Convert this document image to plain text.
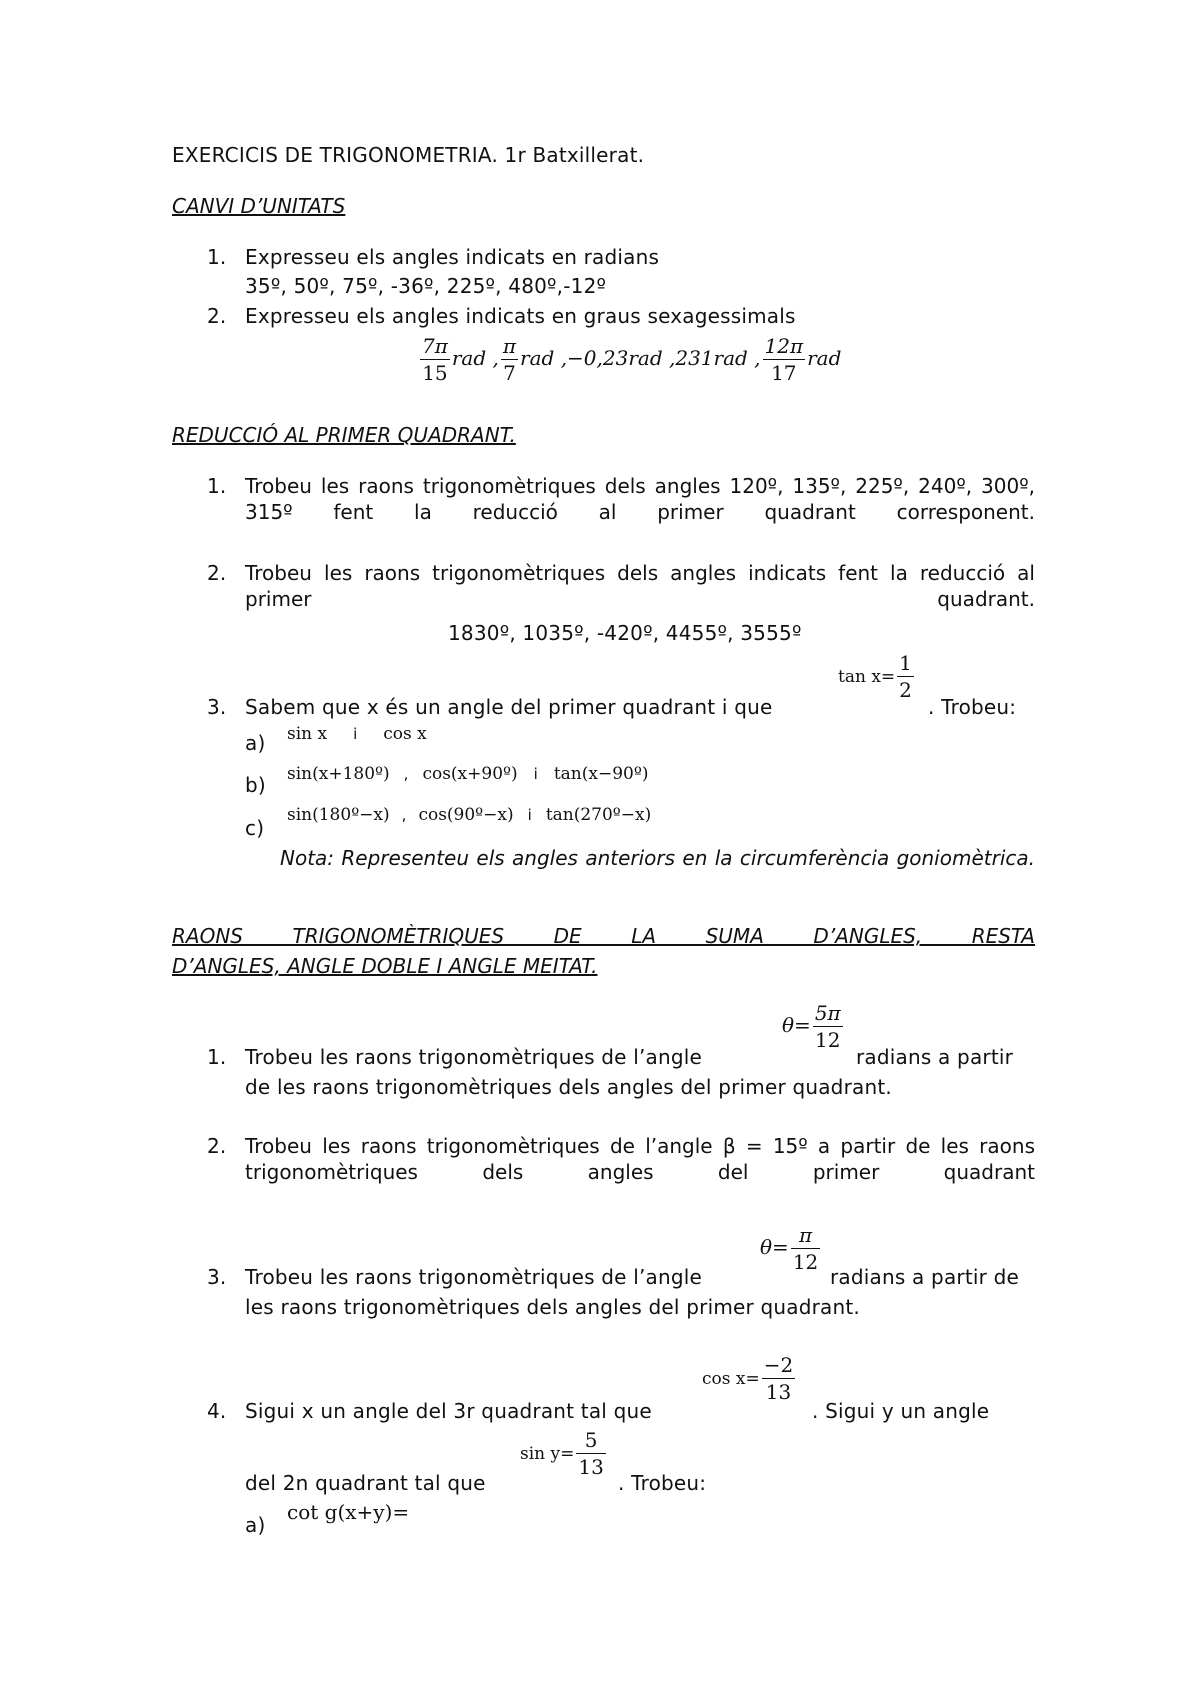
EXERCICIS DE TRIGONOMETRIA. 1r Batxillerat.
CANVI D’UNITATS
1. Expresseu els angles indicats en radians
35º, 50º, 75º, -36º, 225º, 480º,-12º
2. Expresseu els angles indicats en graus sexagessimals
$\frac{7\pi}{15}$ rad , $\frac{\pi}{7}$ rad ,−0,23rad ,231rad , $\frac{12\pi}{17}$ rad
REDUCCIÓ AL PRIMER QUADRANT.
1. Trobeu les raons trigonomètriques dels angles 120º, 135º, 225º, 240º, 300º, 315º fent la reducció al primer quadrant corresponent.
2. Trobeu les raons trigonomètriques dels angles indicats fent la reducció al primer quadrant.
1830º, 1035º, -420º, 4455º, 3555º
3. Sabem que x és un angle del primer quadrant i que
$\tan x= \frac{1}{2}$
. Trobeu:
a) sin x i cos x
b) sin(x+180º) , cos(x+90º) i tan(x−90º)
c)
sin(180º−x) , cos(90º−x) i tan(270º−x)
Nota: Representeu els angles anteriors en la circumferència goniomètrica.
RAONS TRIGONOMÈTRIQUES DE LA SUMA D’ANGLES, RESTA
D’ANGLES, ANGLE DOBLE I ANGLE MEITAT.
1. Trobeu les raons trigonomètriques de l’angle
$\theta= \frac{5\pi}{12}$
radians a partir
de les raons trigonomètriques dels angles del primer quadrant.
2. Trobeu les raons trigonomètriques de l’angle β = 15º a partir de les raons trigonomètriques dels angles del primer quadrant
3. Trobeu les raons trigonomètriques de l’angle
$\theta= \frac{\pi}{12}$
radians a partir de
les raons trigonomètriques dels angles del primer quadrant.
4. Sigui x un angle del 3r quadrant tal que
$\cos x= \frac{-2}{13}$
. Sigui y un angle
del 2n quadrant tal que
$\sin y= \frac{5}{13}$
. Trobeu:
a)
cot g(x+y)=
